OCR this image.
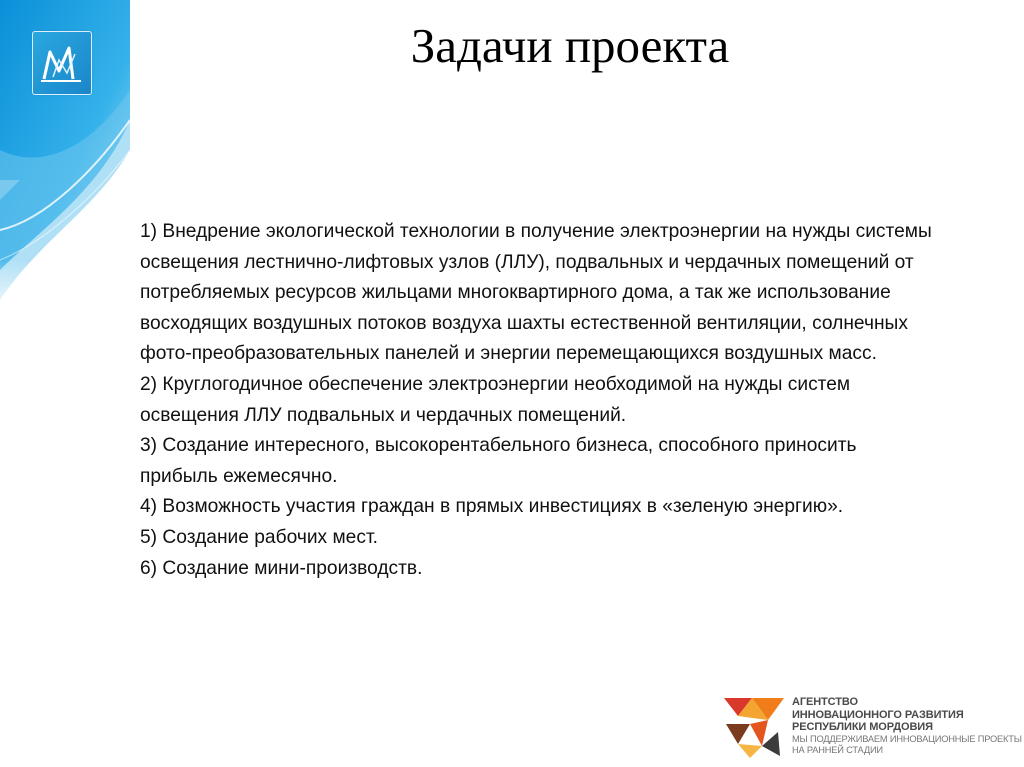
Задачи проекта

1) Внедрение экологической технологии в получение электроэнергии на нужды системы

освещения лестнично-лифтовых узлов (ЛЛУ), подвальных и чердачных помещений от

потребляемых ресурсов жильцами многоквартирного дома, а так же использование

восходящих воздушных потоков воздуха шахты естественной вентиляции, солнечных

фото-преобразовательных панелей и энергии перемещающихся воздушных масс.

2) Круглогодичное обеспечение электроэнергии необходимой на нужды систем

освещения ЛЛУ подвальных и чердачных помещений.

3) Создание интересного, высокорентабельного бизнеса, способного приносить

прибыль ежемесячно.

4) Возможность участия граждан в прямых инвестициях в «зеленую энергию».

5) Создание рабочих мест.

6) Создание мини-производств.

АГЕНТСТВО
ИННОВАЦИОННОГО РАЗВИТИЯ
РЕСПУБЛИКИ МОРДОВИЯ
МЫ ПОДДЕРЖИВАЕМ ИННОВАЦИОННЫЕ ПРОЕКТЫ
НА РАННЕЙ СТАДИИ
